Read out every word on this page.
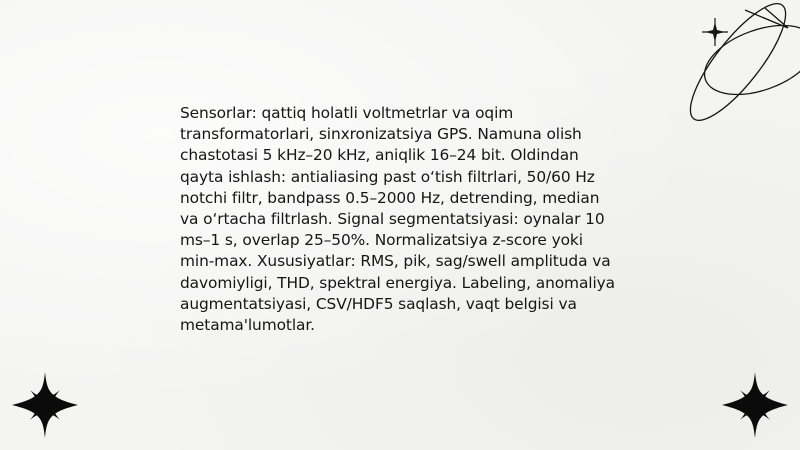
Sensorlar: qattiq holatli voltmetrlar va oqim transformatorlari, sinxronizatsiya GPS. Namuna olish chastotasi 5 kHz–20 kHz, aniqlik 16–24 bit. Oldindan qayta ishlash: antialiasing past o‘tish filtrlari, 50/60 Hz notchi filtr, bandpass 0.5–2000 Hz, detrending, median va o‘rtacha filtrlash. Signal segmentatsiyasi: oynalar 10 ms–1 s, overlap 25–50%. Normalizatsiya z-score yoki min-max. Xususiyatlar: RMS, pik, sag/swell amplituda va davomiyligi, THD, spektral energiya. Labeling, anomaliya augmentatsiyasi, CSV/HDF5 saqlash, vaqt belgisi va metama'lumotlar.
